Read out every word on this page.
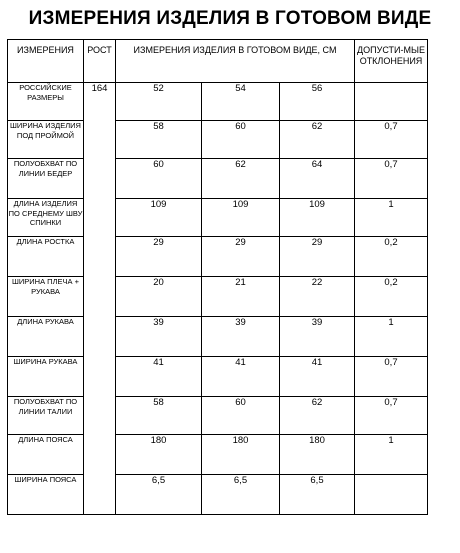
ИЗМЕРЕНИЯ ИЗДЕЛИЯ В ГОТОВОМ ВИДЕ
ИЗМЕРЕНИЯ	РОСТ	ИЗМЕРЕНИЯ ИЗДЕЛИЯ В ГОТОВОМ ВИДЕ, СМ			ДОПУСТИ-МЫЕ ОТКЛОНЕНИЯ
РОССИЙСКИЕ РАЗМЕРЫ	164	52	54	56	
ШИРИНА ИЗДЕЛИЯ ПОД ПРОЙМОЙ		58	60	62	0,7
ПОЛУОБХВАТ ПО ЛИНИИ БЕДЕР		60	62	64	0,7
ДЛИНА ИЗДЕЛИЯ ПО СРЕДНЕМУ ШВУ СПИНКИ		109	109	109	1
ДЛИНА РОСТКА		29	29	29	0,2
ШИРИНА ПЛЕЧА + РУКАВА		20	21	22	0,2
ДЛИНА РУКАВА		39	39	39	1
ШИРИНА РУКАВА		41	41	41	0,7
ПОЛУОБХВАТ ПО ЛИНИИ ТАЛИИ		58	60	62	0,7
ДЛИНА ПОЯСА		180	180	180	1
ШИРИНА ПОЯСА		6,5	6,5	6,5	
